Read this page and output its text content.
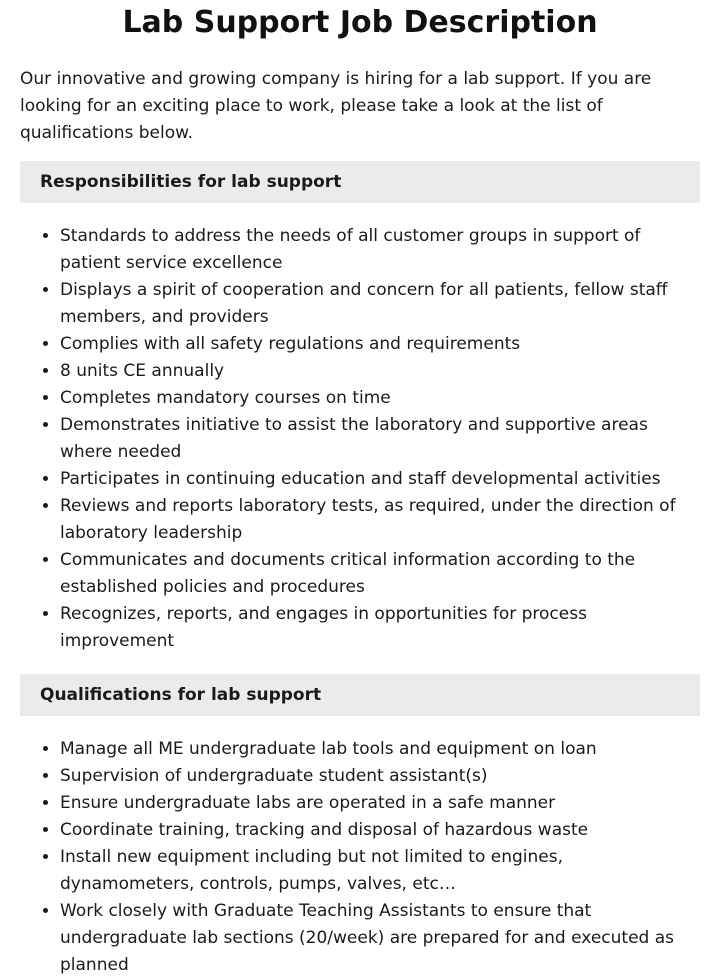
Lab Support Job Description

Our innovative and growing company is hiring for a lab support. If you are looking for an exciting place to work, please take a look at the list of qualifications below.

Responsibilities for lab support
• Standards to address the needs of all customer groups in support of patient service excellence
• Displays a spirit of cooperation and concern for all patients, fellow staff members, and providers
• Complies with all safety regulations and requirements
• 8 units CE annually
• Completes mandatory courses on time
• Demonstrates initiative to assist the laboratory and supportive areas where needed
• Participates in continuing education and staff developmental activities
• Reviews and reports laboratory tests, as required, under the direction of laboratory leadership
• Communicates and documents critical information according to the established policies and procedures
• Recognizes, reports, and engages in opportunities for process improvement
Qualifications for lab support
• Manage all ME undergraduate lab tools and equipment on loan
• Supervision of undergraduate student assistant(s)
• Ensure undergraduate labs are operated in a safe manner
• Coordinate training, tracking and disposal of hazardous waste
• Install new equipment including but not limited to engines, dynamometers, controls, pumps, valves, etc…
• Work closely with Graduate Teaching Assistants to ensure that undergraduate lab sections (20/week) are prepared for and executed as planned
